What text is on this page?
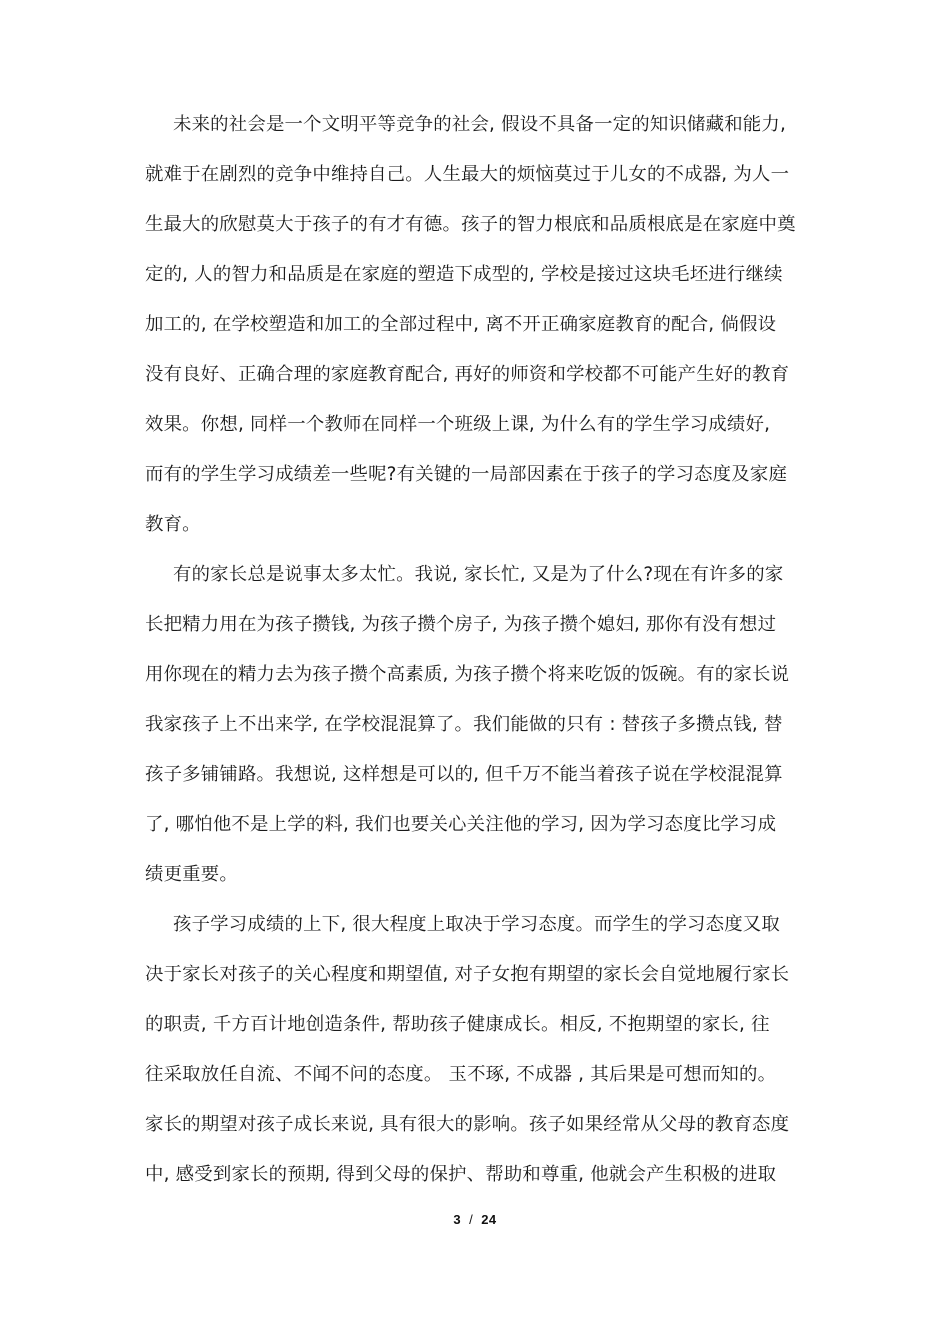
未来的社会是一个文明平等竞争的社会, 假设不具备一定的知识储藏和能力,
就难于在剧烈的竞争中维持自己。人生最大的烦恼莫过于儿女的不成器, 为人一
生最大的欣慰莫大于孩子的有才有德。孩子的智力根底和品质根底是在家庭中奠
定的, 人的智力和品质是在家庭的塑造下成型的, 学校是接过这块毛坯进行继续
加工的, 在学校塑造和加工的全部过程中, 离不开正确家庭教育的配合, 倘假设
没有良好、正确合理的家庭教育配合, 再好的师资和学校都不可能产生好的教育
效果。你想, 同样一个教师在同样一个班级上课, 为什么有的学生学习成绩好,
而有的学生学习成绩差一些呢?有关键的一局部因素在于孩子的学习态度及家庭
教育。
有的家长总是说事太多太忙。我说, 家长忙, 又是为了什么?现在有许多的家
长把精力用在为孩子攒钱, 为孩子攒个房子, 为孩子攒个媳妇, 那你有没有想过
用你现在的精力去为孩子攒个高素质, 为孩子攒个将来吃饭的饭碗。有的家长说
我家孩子上不出来学, 在学校混混算了。我们能做的只有 : 替孩子多攒点钱, 替
孩子多铺铺路。我想说, 这样想是可以的, 但千万不能当着孩子说在学校混混算
了, 哪怕他不是上学的料, 我们也要关心关注他的学习, 因为学习态度比学习成
绩更重要。
孩子学习成绩的上下, 很大程度上取决于学习态度。而学生的学习态度又取
决于家长对孩子的关心程度和期望值, 对子女抱有期望的家长会自觉地履行家长
的职责, 千方百计地创造条件, 帮助孩子健康成长。相反, 不抱期望的家长, 往
往采取放任自流、不闻不问的态度。 玉不琢, 不成器 , 其后果是可想而知的。
家长的期望对孩子成长来说, 具有很大的影响。孩子如果经常从父母的教育态度
中, 感受到家长的预期, 得到父母的保护、帮助和尊重, 他就会产生积极的进取
3 / 24
